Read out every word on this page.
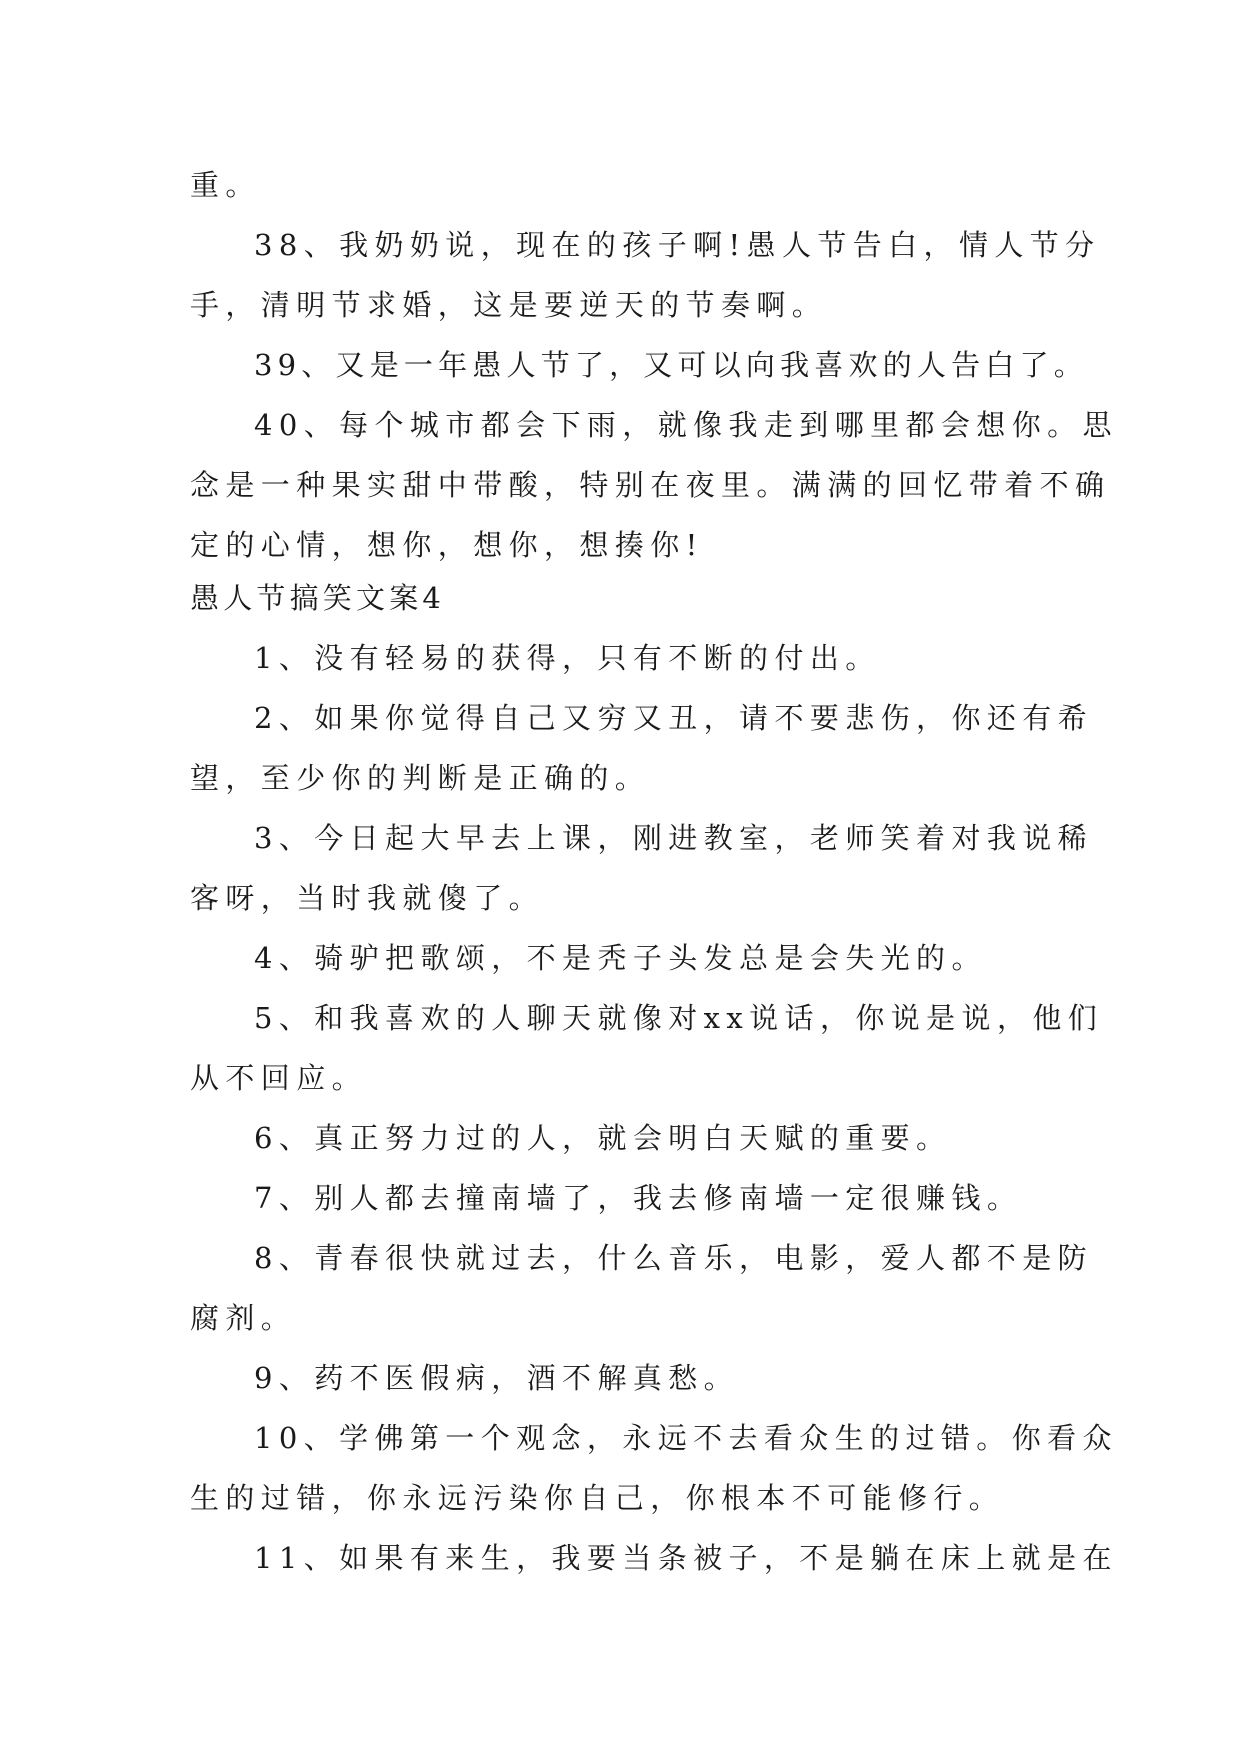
重。
38、我奶奶说，现在的孩子啊!愚人节告白，情人节分
手，清明节求婚，这是要逆天的节奏啊。
39、又是一年愚人节了，又可以向我喜欢的人告白了。
40、每个城市都会下雨，就像我走到哪里都会想你。思
念是一种果实甜中带酸，特别在夜里。满满的回忆带着不确
定的心情，想你，想你，想揍你!
愚人节搞笑文案4
1、没有轻易的获得，只有不断的付出。
2、如果你觉得自己又穷又丑，请不要悲伤，你还有希
望，至少你的判断是正确的。
3、今日起大早去上课，刚进教室，老师笑着对我说稀
客呀，当时我就傻了。
4、骑驴把歌颂，不是秃子头发总是会失光的。
5、和我喜欢的人聊天就像对xx说话，你说是说，他们
从不回应。
6、真正努力过的人，就会明白天赋的重要。
7、别人都去撞南墙了，我去修南墙一定很赚钱。
8、青春很快就过去，什么音乐，电影，爱人都不是防
腐剂。
9、药不医假病，酒不解真愁。
10、学佛第一个观念，永远不去看众生的过错。你看众
生的过错，你永远污染你自己，你根本不可能修行。
11、如果有来生，我要当条被子，不是躺在床上就是在
